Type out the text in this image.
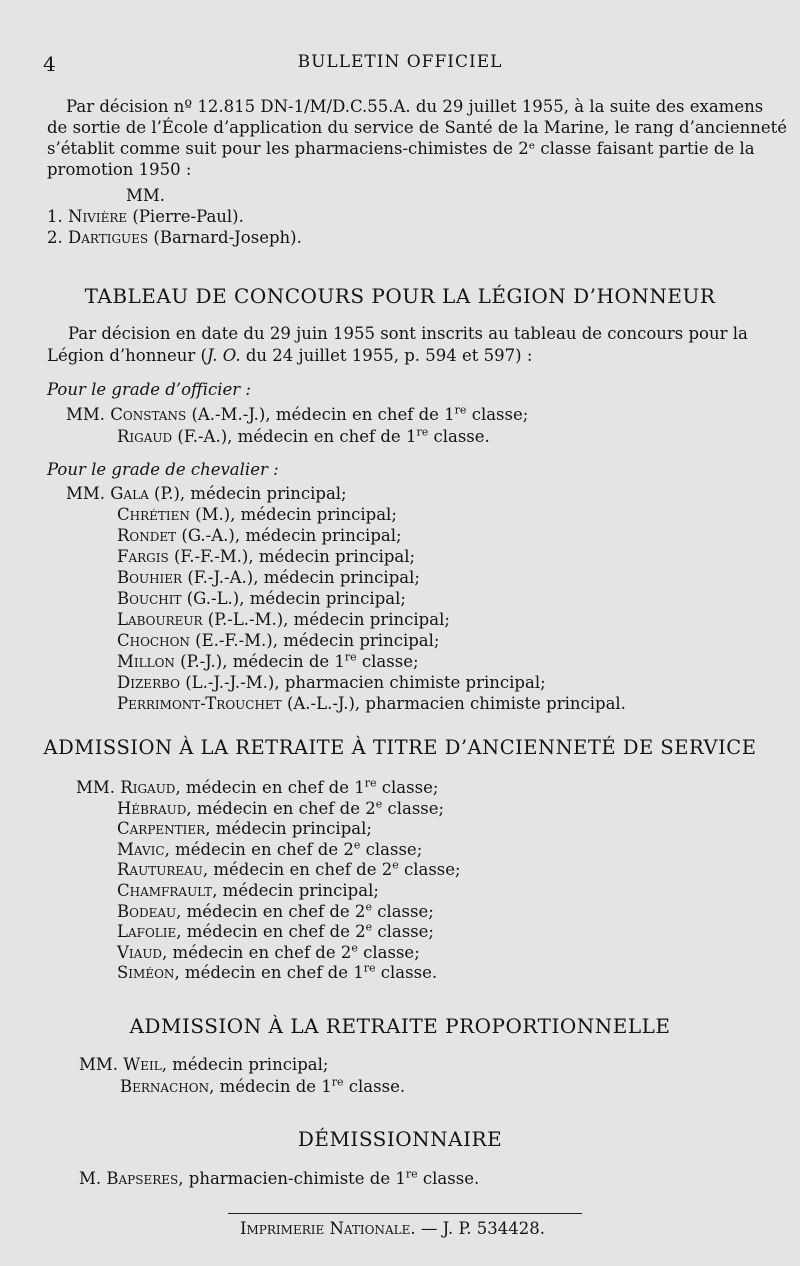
4	BULLETIN OFFICIEL
Par décision nº 12.815 DN-1/M/D.C.55.A. du 29 juillet 1955, à la suite des examens
de sortie de l’École d’application du service de Santé de la Marine, le rang d’ancienneté
s’établit comme suit pour les pharmaciens-chimistes de 2ᵉ classe faisant partie de la
promotion 1950 :
MM.
1. Nivière (Pierre-Paul).
2. Dartigues (Barnard-Joseph).
TABLEAU DE CONCOURS POUR LA LÉGION D’HONNEUR
Par décision en date du 29 juin 1955 sont inscrits au tableau de concours pour la
Légion d’honneur (J. O. du 24 juillet 1955, p. 594 et 597) :
Pour le grade d’officier :
MM. Constans (A.-M.-J.), médecin en chef de 1re classe;
Rigaud (F.-A.), médecin en chef de 1re classe.
Pour le grade de chevalier :
MM. Gala (P.), médecin principal;
Chrétien (M.), médecin principal;
Rondet (G.-A.), médecin principal;
Fargis (F.-F.-M.), médecin principal;
Bouhier (F.-J.-A.), médecin principal;
Bouchit (G.-L.), médecin principal;
Laboureur (P.-L.-M.), médecin principal;
Chochon (E.-F.-M.), médecin principal;
Millon (P.-J.), médecin de 1re classe;
Dizerbo (L.-J.-J.-M.), pharmacien chimiste principal;
Perrimont-Trouchet (A.-L.-J.), pharmacien chimiste principal.
ADMISSION À LA RETRAITE À TITRE D’ANCIENNETÉ DE SERVICE
MM. Rigaud, médecin en chef de 1re classe;
Hébraud, médecin en chef de 2e classe;
Carpentier, médecin principal;
Mavic, médecin en chef de 2e classe;
Rautureau, médecin en chef de 2e classe;
Chamfrault, médecin principal;
Bodeau, médecin en chef de 2e classe;
Lafolie, médecin en chef de 2e classe;
Viaud, médecin en chef de 2e classe;
Siméon, médecin en chef de 1re classe.
ADMISSION À LA RETRAITE PROPORTIONNELLE
MM. Weil, médecin principal;
Bernachon, médecin de 1re classe.
DÉMISSIONNAIRE
M. Bapseres, pharmacien-chimiste de 1re classe.
Imprimerie Nationale. — J. P. 534428.
